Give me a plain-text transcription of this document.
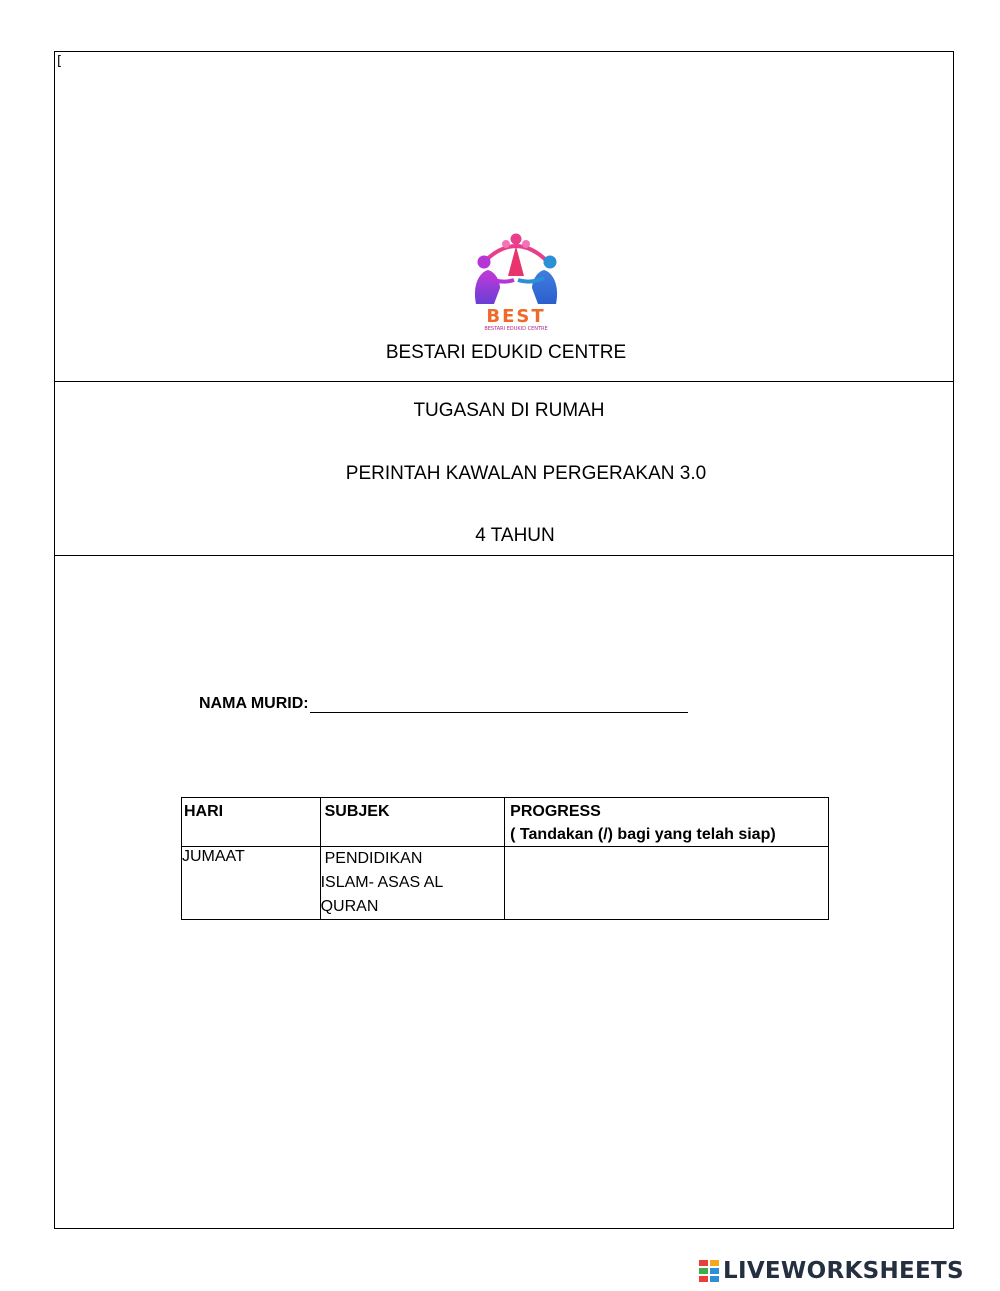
[
BEST
BESTARI EDUKID CENTRE
BESTARI EDUKID CENTRE
TUGASAN DI RUMAH
PERINTAH KAWALAN PERGERAKAN 3.0
4 TAHUN
NAMA MURID:
HARI	SUBJEK	PROGRESS
( Tandakan (/) bagi yang telah siap)

JUMAAT	PENDIDIKAN
ISLAM- ASAS AL
QURAN	

LIVEWORKSHEETS
